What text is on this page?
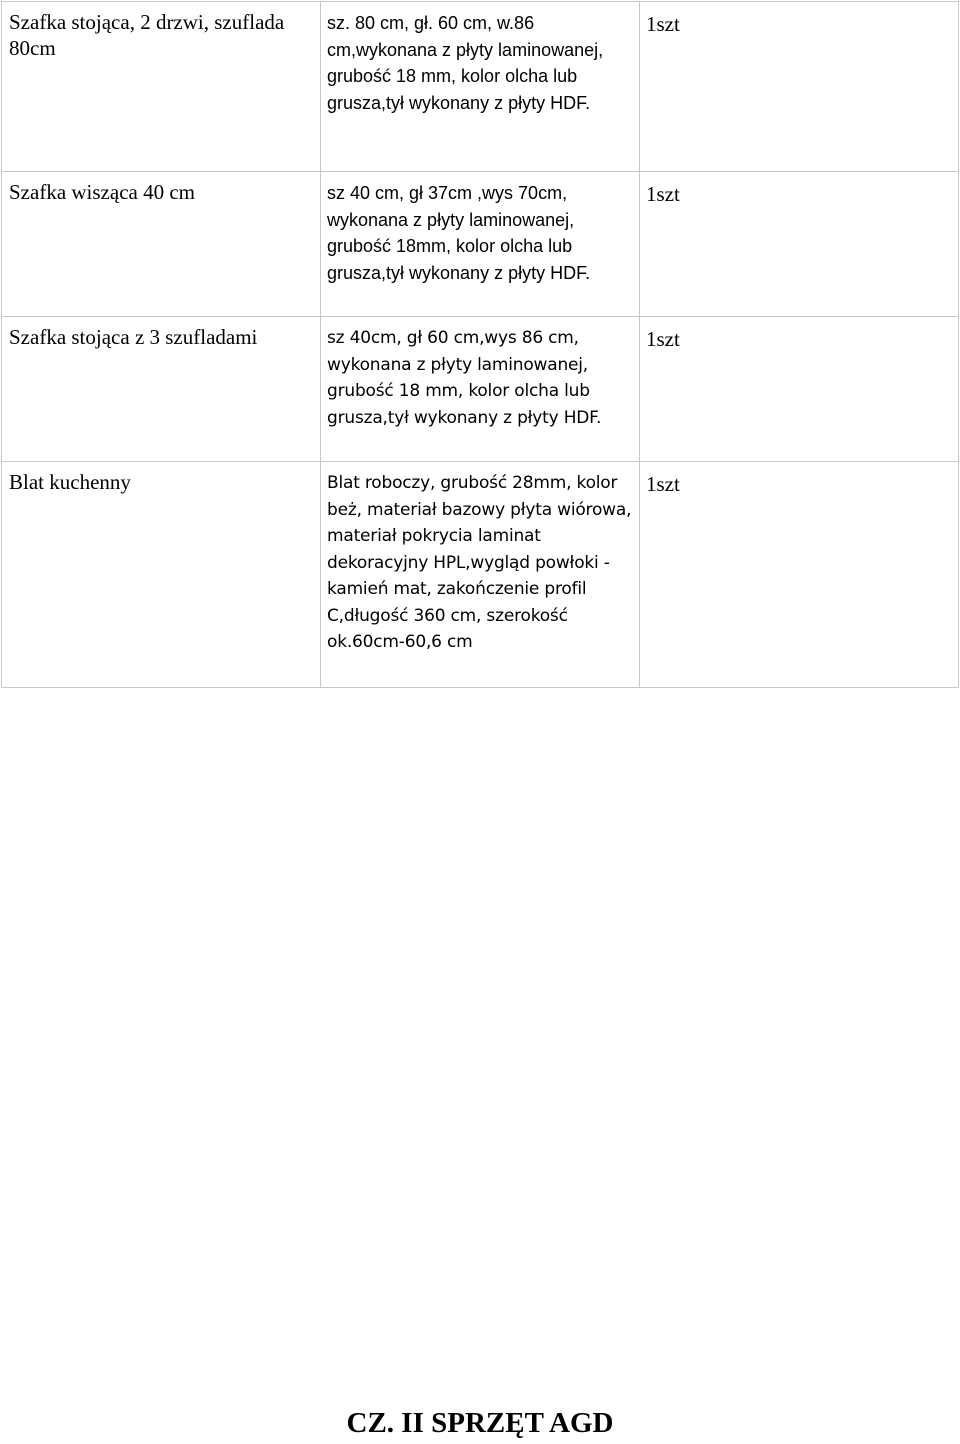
Szafka stojąca, 2 drzwi, szuflada 80cm	sz. 80 cm, gł. 60 cm, w.86 cm,wykonana z płyty laminowanej, grubość 18 mm, kolor olcha lub grusza,tył wykonany z płyty HDF.	1szt

Szafka wisząca 40 cm	sz 40 cm, gł 37cm ,wys 70cm, wykonana z płyty laminowanej, grubość 18mm, kolor olcha lub grusza,tył wykonany z płyty HDF.	1szt

Szafka stojąca z 3 szufladami	sz 40cm, gł 60 cm,wys 86 cm, wykonana z płyty laminowanej, grubość 18 mm, kolor olcha lub grusza,tył wykonany z płyty HDF.	1szt

Blat kuchenny	Blat roboczy, grubość 28mm, kolor beż, materiał bazowy płyta wiórowa, materiał pokrycia laminat dekoracyjny HPL,wygląd powłoki - kamień mat, zakończenie profil C,długość 360 cm, szerokość ok.60cm-60,6 cm	1szt
CZ. II SPRZĘT AGD
